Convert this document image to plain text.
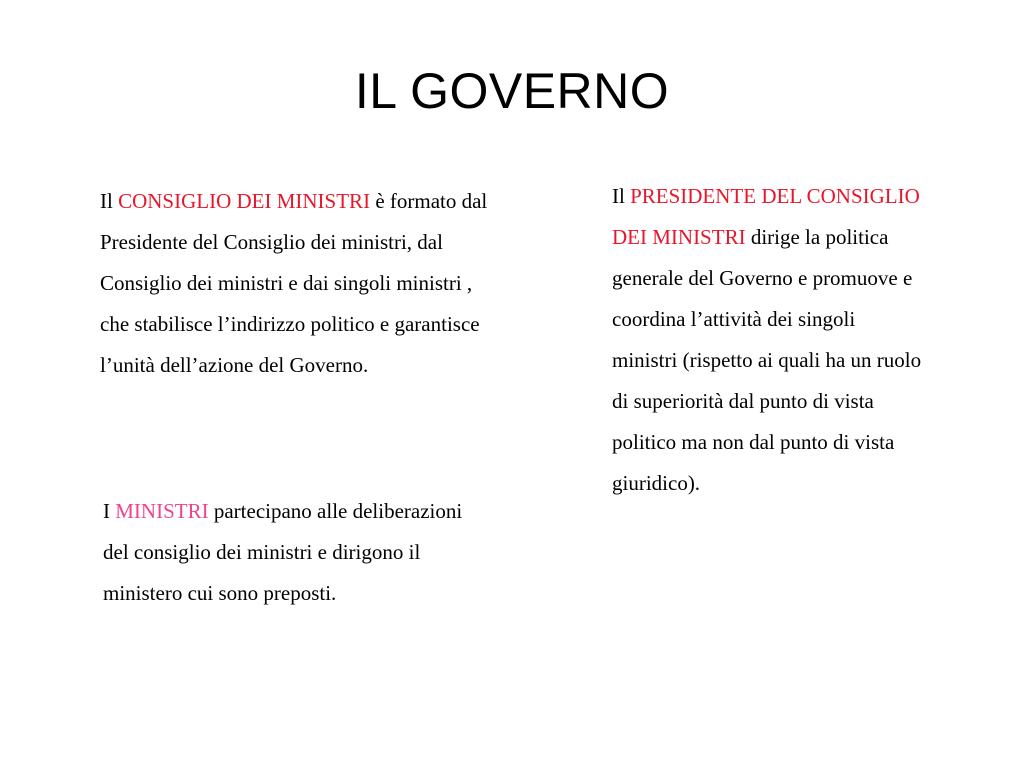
IL GOVERNO

Il CONSIGLIO DEI MINISTRI è formato dal Presidente del Consiglio dei ministri, dal Consiglio dei ministri e dai singoli ministri , che stabilisce l’indirizzo politico e garantisce l’unità dell’azione del Governo.

I MINISTRI partecipano alle deliberazioni del consiglio dei ministri e dirigono il ministero cui sono preposti.

Il PRESIDENTE DEL CONSIGLIO DEI MINISTRI dirige la politica generale del Governo e promuove e coordina l’attività dei singoli ministri (rispetto ai quali ha un ruolo di superiorità dal punto di vista politico ma non dal punto di vista giuridico).
